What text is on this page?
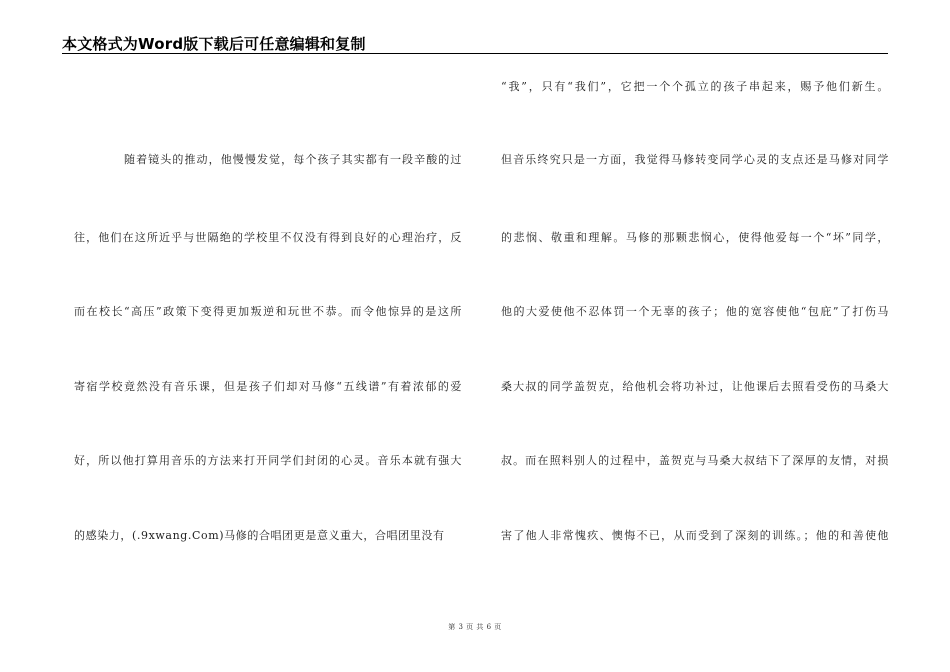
本文格式为Word版下载后可任意编辑和复制
随着镜头的推动，他慢慢发觉，每个孩子其实都有一段辛酸的过
往，他们在这所近乎与世隔绝的学校里不仅没有得到良好的心理治疗，反
而在校长“高压”政策下变得更加叛逆和玩世不恭。而令他惊异的是这所
寄宿学校竟然没有音乐课，但是孩子们却对马修“五线谱”有着浓郁的爱
好，所以他打算用音乐的方法来打开同学们封闭的心灵。音乐本就有强大
的感染力，(.9xwang.Com)马修的合唱团更是意义重大，合唱团里没有
“我”，只有“我们”，它把一个个孤立的孩子串起来，赐予他们新生。
但音乐终究只是一方面，我觉得马修转变同学心灵的支点还是马修对同学
的悲悯、敬重和理解。马修的那颗悲悯心，使得他爱每一个“坏”同学，
他的大爱使他不忍体罚一个无辜的孩子；他的宽容使他“包庇”了打伤马
桑大叔的同学盖贺克，给他机会将功补过，让他课后去照看受伤的马桑大
叔。而在照料别人的过程中，盖贺克与马桑大叔结下了深厚的友情，对损
害了他人非常愧疚、懊悔不已，从而受到了深刻的训练。；他的和善使他
第 3 页 共 6 页
